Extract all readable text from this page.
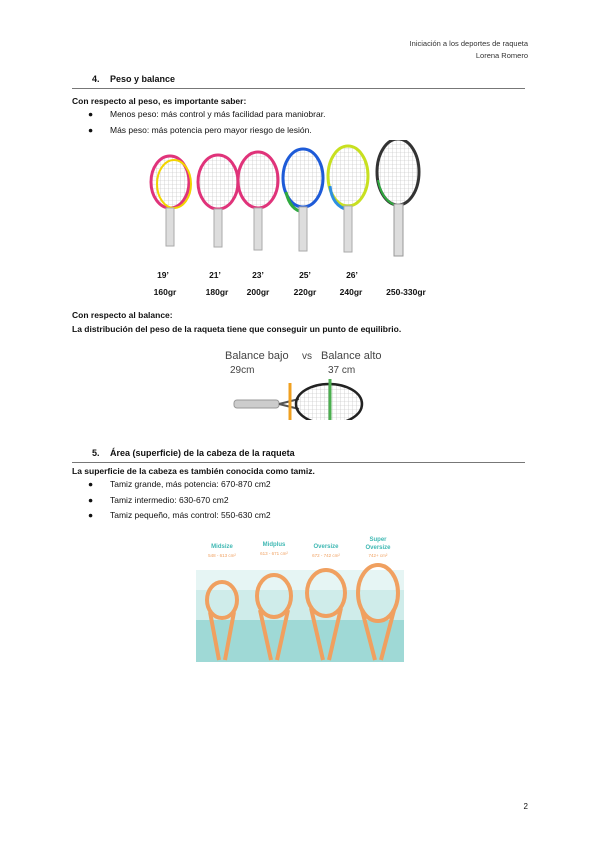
Iniciación a los deportes de raqueta
Lorena Romero
4. Peso y balance
Con respecto al peso, es importante saber:
●	Menos peso: más control y más facilidad para maniobrar.
●	Más peso: más potencia pero mayor riesgo de lesión.
19’	21’	23’	25’	26’
160gr	180gr	200gr	220gr	240gr	250-330gr
Con respecto al balance:
La distribución del peso de la raqueta tiene que conseguir un punto de equilibrio.
Balance bajo vs Balance alto
29cm	37 cm
5. Área (superficie) de la cabeza de la raqueta
La superficie de la cabeza es también conocida como tamiz.
●	Tamiz grande, más potencia: 670-870 cm2
●	Tamiz intermedio: 630-670 cm2
●	Tamiz pequeño, más control: 550-630 cm2
Midsize
548 - 613 cm²
Midplus
613 - 671 cm²
Oversize
672 - 742 cm²
Super
Oversize
742+ cm²
2
